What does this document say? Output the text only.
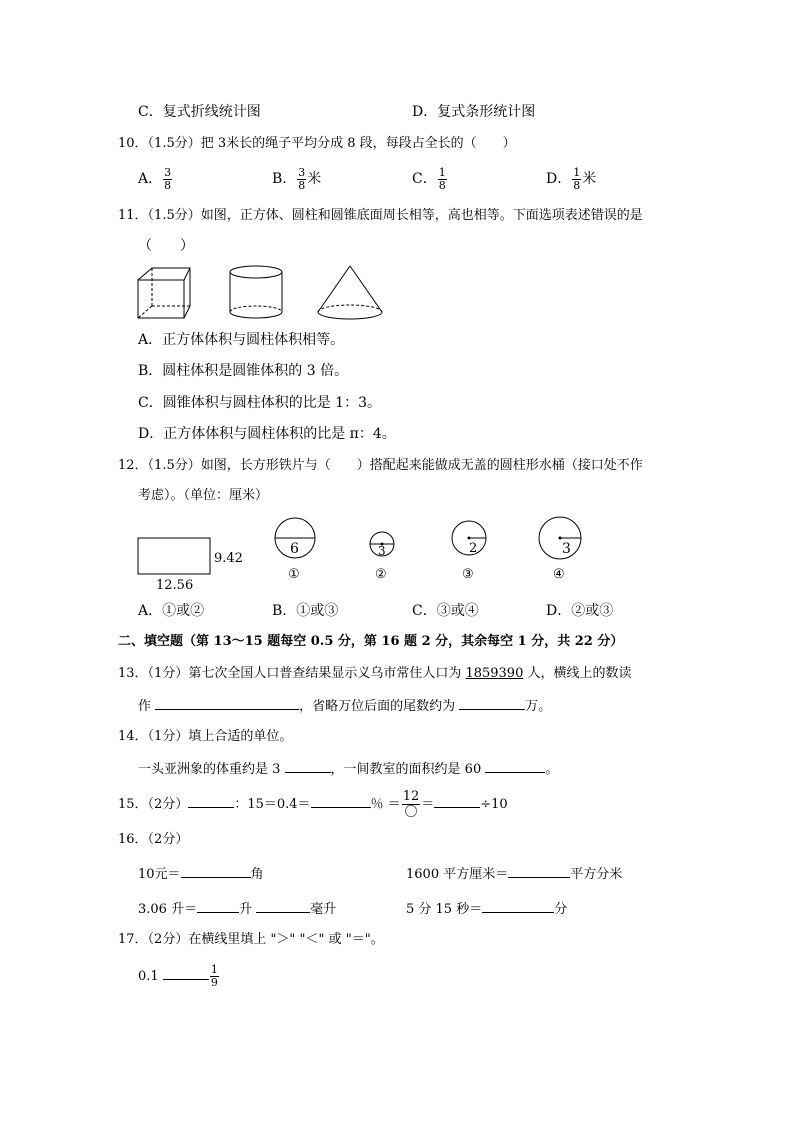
C．复式折线统计图	D．复式条形统计图
10．（1.5分）把 3米长的绳子平均分成 8 段，每段占全长的（　　）
A． $\frac{3}{8}$	B． $\frac{3}{8}$ 米	C． $\frac{1}{8}$	D． $\frac{1}{8}$ 米
11．（1.5分）如图，正方体、圆柱和圆锥底面周长相等，高也相等。下面选项表述错误的是
（　　）
A．正方体体积与圆柱体积相等。
B．圆柱体积是圆锥体积的 3 倍。
C．圆锥体积与圆柱体积的比是 1：3。
D．正方体体积与圆柱体积的比是 π：4。
12．（1.5分）如图，长方形铁片与（　　）搭配起来能做成无盖的圆柱形水桶（接口处不作
考虑）。（单位：厘米）
9.42
12.56
6
①
3
②
2
③
3
④
A．①或②	B．①或③	C．③或④	D．②或③
二、填空题（第 13～15 题每空 0.5 分，第 16 题 2 分，其余每空 1 分，共 22 分）
13．（1分）第七次全国人口普查结果显示义乌市常住人口为 1859390 人，横线上的数读
作	，省略万位后面的尾数约为	万。
14．（1分）填上合适的单位。
一头亚洲象的体重约是 3	，一间教室的面积约是 60	。
15．（2分）	：15＝0.4＝	％ ＝ $\frac{12}{\text{〇}}$ ＝	÷10
16．（2分）
10元＝	角	1600 平方厘米＝	平方分米
3.06 升＝	升	毫升	5 分 15 秒＝	分
17．（2分）在横线里填上 "＞" "＜" 或 "＝"。
0.1	$\frac{1}{9}$
